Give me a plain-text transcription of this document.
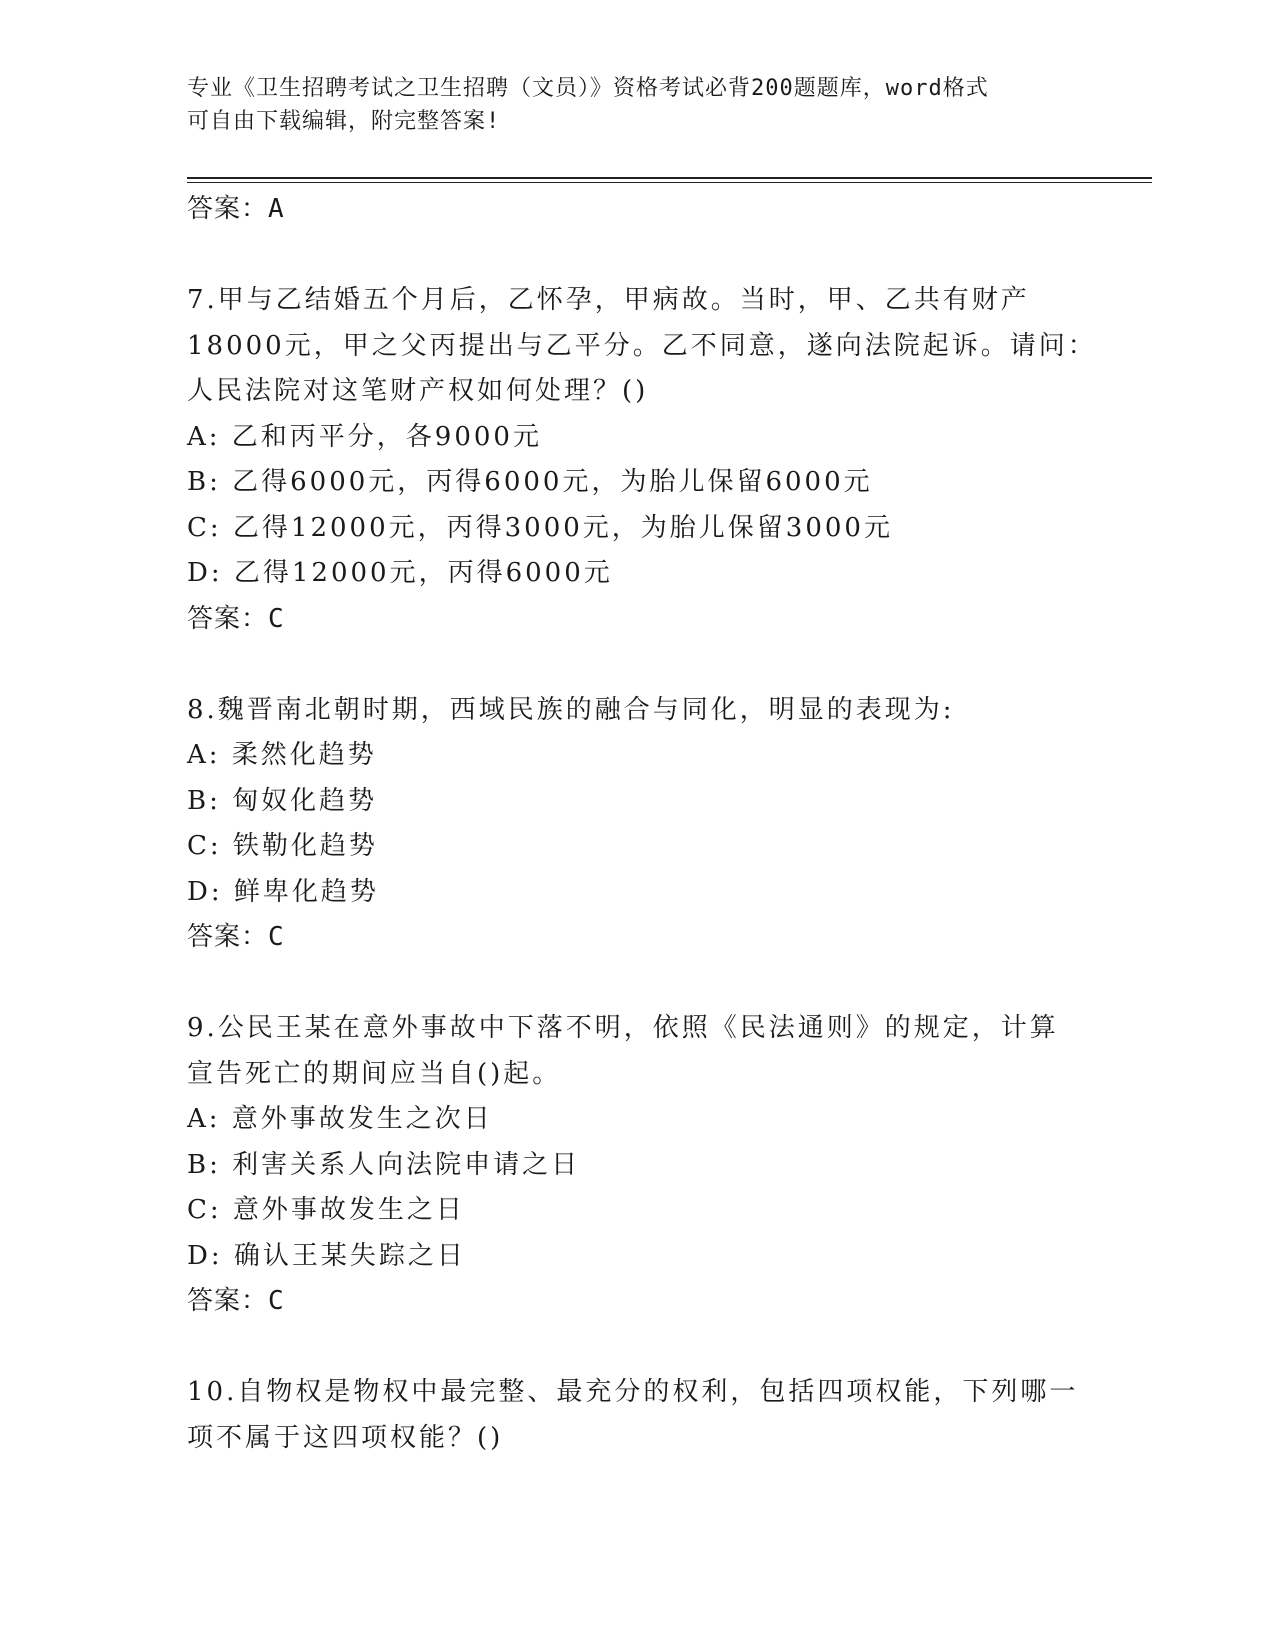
专业《卫生招聘考试之卫生招聘（文员）》资格考试必背200题题库，word格式
可自由下载编辑，附完整答案!
答案：A
7.甲与乙结婚五个月后，乙怀孕，甲病故。当时，甲、乙共有财产
18000元，甲之父丙提出与乙平分。乙不同意，遂向法院起诉。请问：
人民法院对这笔财产权如何处理？()
A: 乙和丙平分，各9000元
B: 乙得6000元，丙得6000元，为胎儿保留6000元
C: 乙得12000元，丙得3000元，为胎儿保留3000元
D: 乙得12000元，丙得6000元
答案：C
8.魏晋南北朝时期，西域民族的融合与同化，明显的表现为:
A: 柔然化趋势
B: 匈奴化趋势
C: 铁勒化趋势
D: 鲜卑化趋势
答案：C
9.公民王某在意外事故中下落不明，依照《民法通则》的规定，计算
宣告死亡的期间应当自()起。
A: 意外事故发生之次日
B: 利害关系人向法院申请之日
C: 意外事故发生之日
D: 确认王某失踪之日
答案：C
10.自物权是物权中最完整、最充分的权利，包括四项权能，下列哪一
项不属于这四项权能？()
